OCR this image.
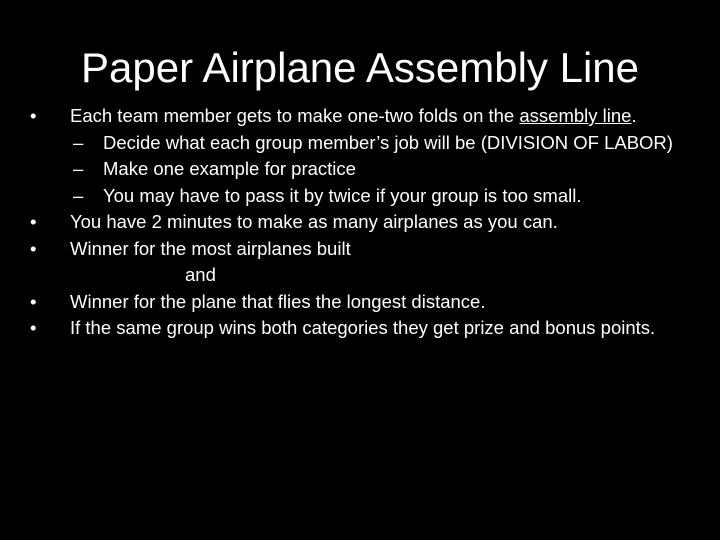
Paper Airplane Assembly Line
• Each team member gets to make one-two folds on the assembly line.
– Decide what each group member’s job will be (DIVISION OF LABOR)
– Make one example for practice
– You may have to pass it by twice if your group is too small.
• You have 2 minutes to make as many airplanes as you can.
• Winner for the most airplanes built
and
• Winner for the plane that flies the longest distance.
• If the same group wins both categories they get prize and bonus points.
